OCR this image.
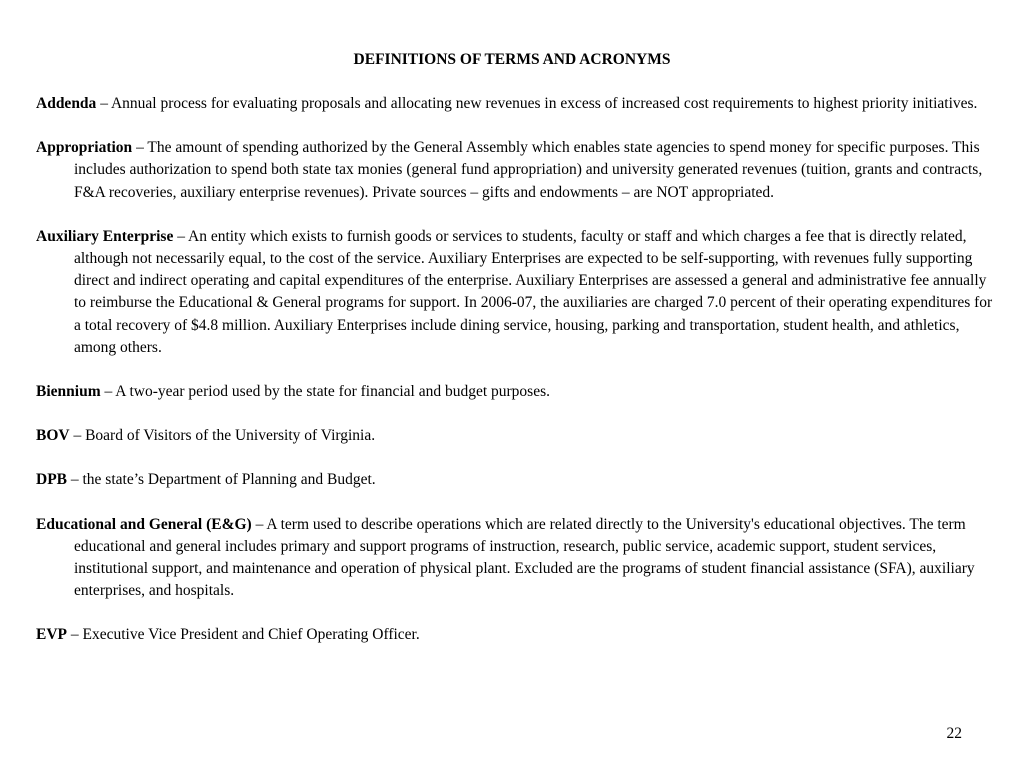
DEFINITIONS OF TERMS AND ACRONYMS

Addenda – Annual process for evaluating proposals and allocating new revenues in excess of increased cost requirements to highest priority initiatives.

Appropriation – The amount of spending authorized by the General Assembly which enables state agencies to spend money for specific purposes. This includes authorization to spend both state tax monies (general fund appropriation) and university generated revenues (tuition, grants and contracts, F&A recoveries, auxiliary enterprise revenues). Private sources – gifts and endowments – are NOT appropriated.

Auxiliary Enterprise – An entity which exists to furnish goods or services to students, faculty or staff and which charges a fee that is directly related, although not necessarily equal, to the cost of the service. Auxiliary Enterprises are expected to be self-supporting, with revenues fully supporting direct and indirect operating and capital expenditures of the enterprise. Auxiliary Enterprises are assessed a general and administrative fee annually to reimburse the Educational & General programs for support. In 2006-07, the auxiliaries are charged 7.0 percent of their operating expenditures for a total recovery of $4.8 million. Auxiliary Enterprises include dining service, housing, parking and transportation, student health, and athletics, among others.

Biennium – A two-year period used by the state for financial and budget purposes.

BOV – Board of Visitors of the University of Virginia.

DPB – the state’s Department of Planning and Budget.

Educational and General (E&G) – A term used to describe operations which are related directly to the University's educational objectives. The term educational and general includes primary and support programs of instruction, research, public service, academic support, student services, institutional support, and maintenance and operation of physical plant. Excluded are the programs of student financial assistance (SFA), auxiliary enterprises, and hospitals.

EVP – Executive Vice President and Chief Operating Officer.

22
